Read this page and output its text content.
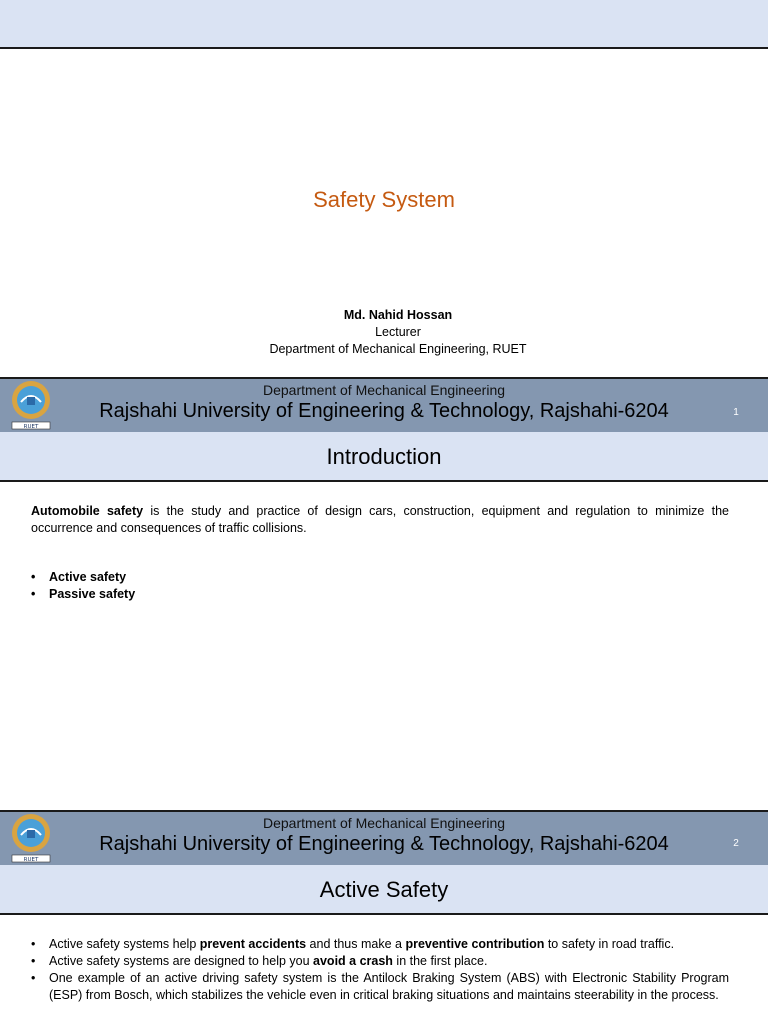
Safety System
Md. Nahid Hossan
Lecturer
Department of Mechanical Engineering, RUET
RUET
Department of Mechanical Engineering
Rajshahi University of Engineering & Technology, Rajshahi-6204	1
Introduction
Automobile safety is the study and practice of design cars, construction, equipment and regulation to minimize the occurrence and consequences of traffic collisions.
• Active safety
• Passive safety
RUET
Department of Mechanical Engineering
Rajshahi University of Engineering & Technology, Rajshahi-6204	2
Active Safety
• Active safety systems help prevent accidents and thus make a preventive contribution to safety in road traffic.
• Active safety systems are designed to help you avoid a crash in the first place.
• One example of an active driving safety system is the Antilock Braking System (ABS) with Electronic Stability Program (ESP) from Bosch, which stabilizes the vehicle even in critical braking situations and maintains steerability in the process.
